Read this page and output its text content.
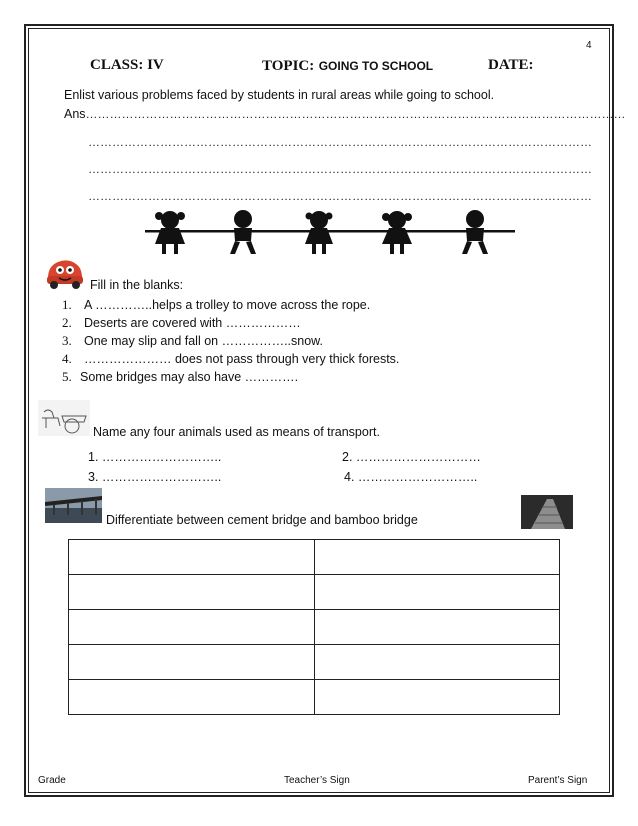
4
CLASS: IV	TOPIC: GOING TO SCHOOL	DATE:
Enlist various problems faced by students in rural areas while going to school.
Ans………………………………………………………………………………………………………………………
………………………………………………………………………………………………………………
………………………………………………………………………………………………………………
………………………………………………………………………………………………………………
Fill in the blanks:
1. A …………..helps a trolley to move across the rope.
2. Deserts are covered with ………………
3. One may slip and fall on ……………..snow.
4. ………………… does not pass through very thick forests.
5. Some bridges may also have ………….
Name any four animals used as means of transport.
1. ………………………..	2. …………………………
3. ………………………..	4. ………………………..
Differentiate between cement bridge and bamboo bridge

Grade	Teacher’s Sign	Parent’s Sign
